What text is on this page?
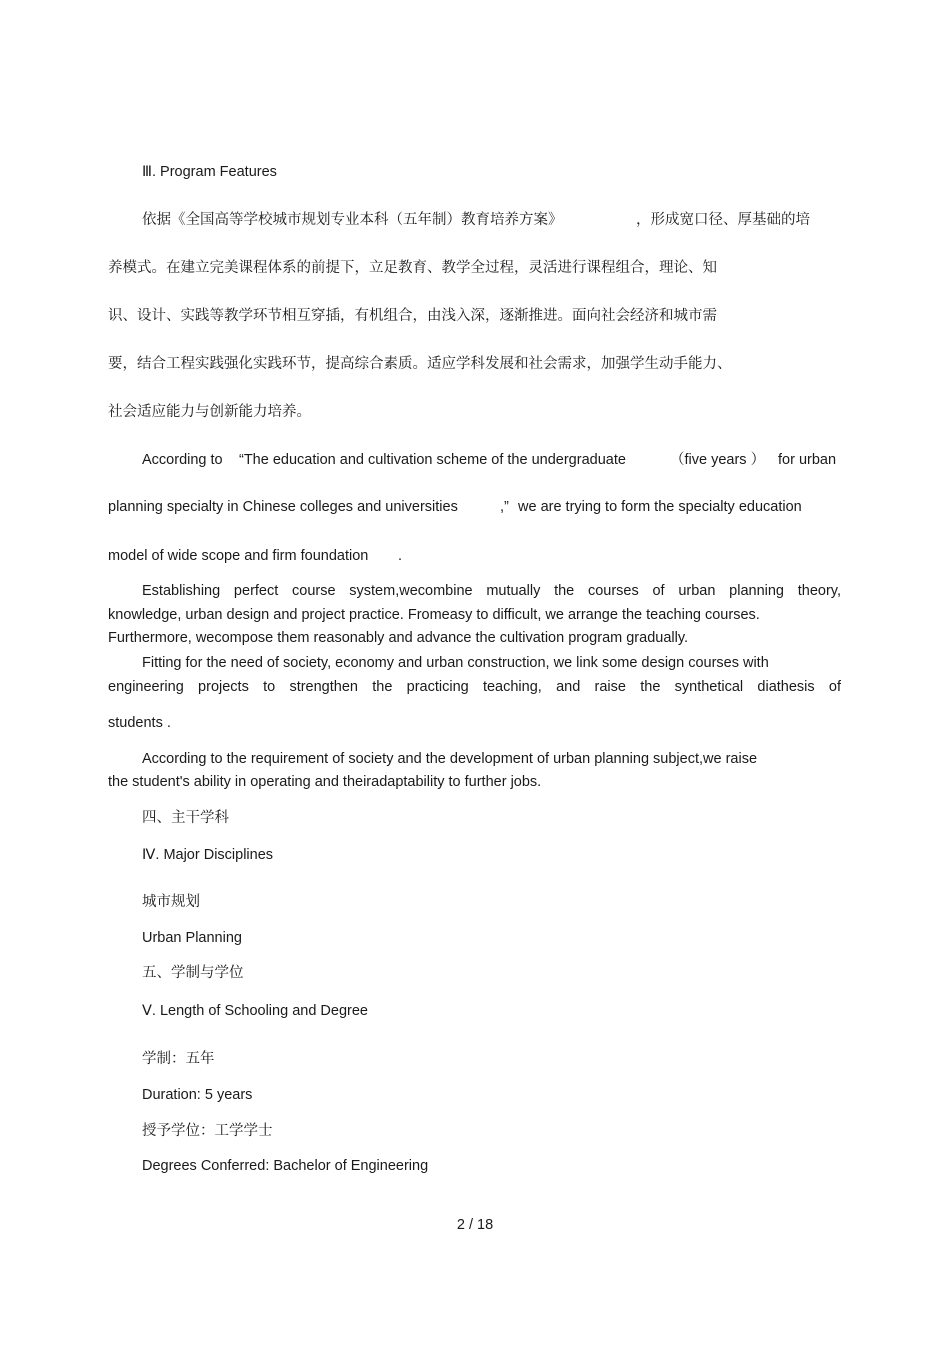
Ⅲ. Program Features
依据《全国高等学校城市规划专业本科（五年制）教育培养方案》	，形成宽口径、厚基础的培
养模式。在建立完美课程体系的前提下，立足教育、教学全过程，灵活进行课程组合，理论、知
识、设计、实践等教学环节相互穿插，有机组合，由浅入深，逐渐推进。面向社会经济和城市需
要，结合工程实践强化实践环节，提高综合素质。适应学科发展和社会需求，加强学生动手能力、
社会适应能力与创新能力培养。
According to “The education and cultivation scheme of the undergraduate	（five years ） for urban
planning specialty in Chinese colleges and universities	,” we are trying to form the specialty education
model of wide scope and firm foundation .
Establishing perfect course system,wecombine mutually the courses of urban planning theory,
knowledge, urban design and project practice. Fromeasy to difficult, we arrange the teaching courses.
Furthermore, wecompose them reasonably and advance the cultivation program gradually.
Fitting for the need of society, economy and urban construction, we link some design courses with
engineering projects to strengthen the practicing teaching, and raise the synthetical diathesis of
students .
According to the requirement of society and the development of urban planning subject,we raise
the student's ability in operating and theiradaptability to further jobs.
四、主干学科
Ⅳ. Major Disciplines
城市规划
Urban Planning
五、学制与学位
Ⅴ. Length of Schooling and Degree
学制：五年
Duration: 5 years
授予学位：工学学士
Degrees Conferred: Bachelor of Engineering
2 / 18
